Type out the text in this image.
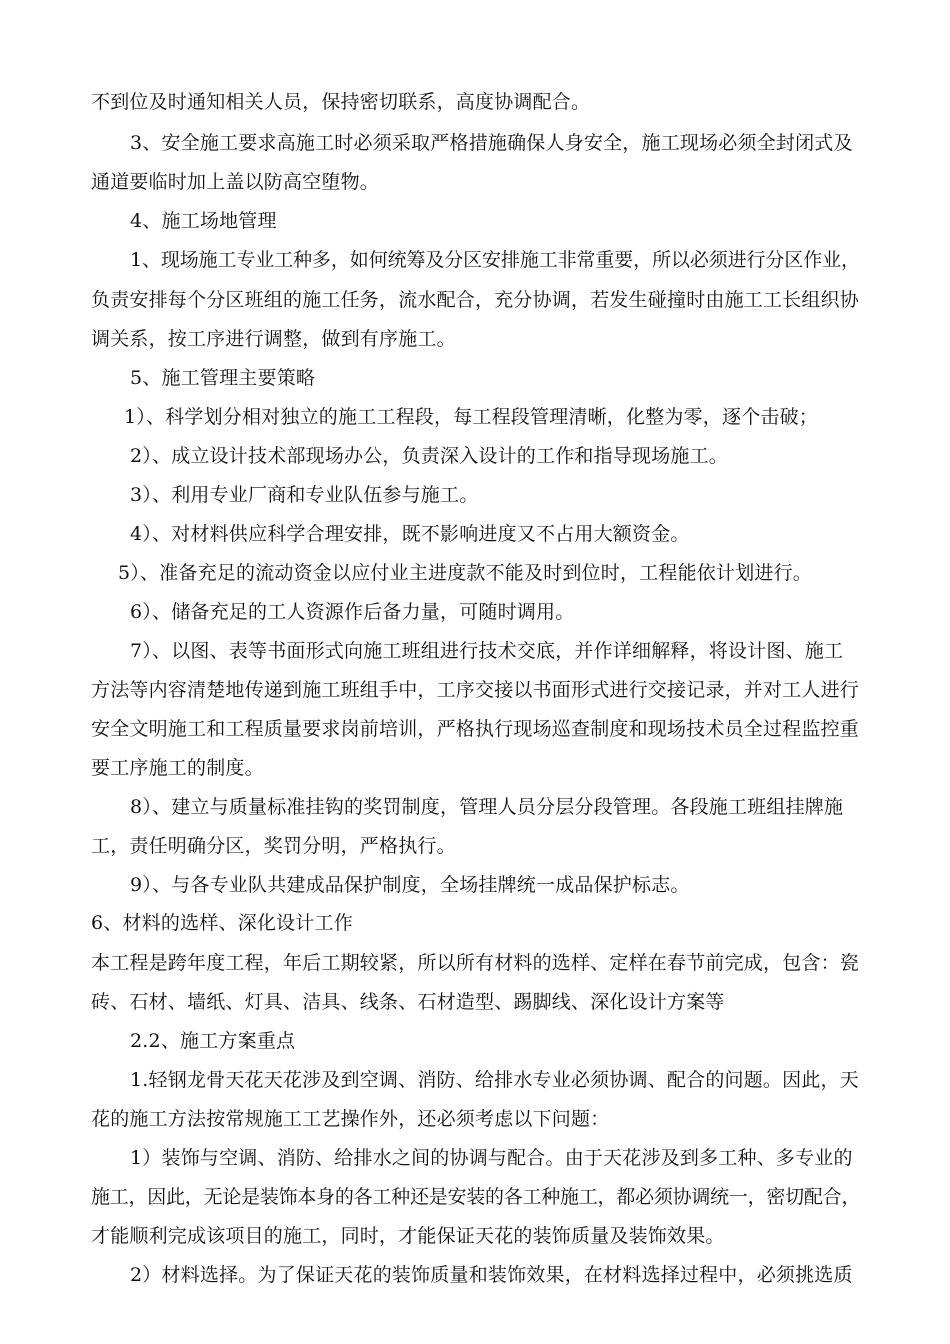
不到位及时通知相关人员，保持密切联系，高度协调配合。
3、安全施工要求高施工时必须采取严格措施确保人身安全，施工现场必须全封闭式及
通道要临时加上盖以防高空堕物。
4、施工场地管理
1、现场施工专业工种多，如何统筹及分区安排施工非常重要，所以必须进行分区作业，
负责安排每个分区班组的施工任务，流水配合，充分协调，若发生碰撞时由施工工长组织协
调关系，按工序进行调整，做到有序施工。
5、施工管理主要策略
1）、科学划分相对独立的施工工程段，每工程段管理清晰，化整为零，逐个击破；
2）、成立设计技术部现场办公，负责深入设计的工作和指导现场施工。
3）、利用专业厂商和专业队伍参与施工。
4）、对材料供应科学合理安排，既不影响进度又不占用大额资金。
5）、准备充足的流动资金以应付业主进度款不能及时到位时，工程能依计划进行。
6）、储备充足的工人资源作后备力量，可随时调用。
7）、以图、表等书面形式向施工班组进行技术交底，并作详细解释，将设计图、施工
方法等内容清楚地传递到施工班组手中，工序交接以书面形式进行交接记录，并对工人进行
安全文明施工和工程质量要求岗前培训，严格执行现场巡查制度和现场技术员全过程监控重
要工序施工的制度。
8）、建立与质量标准挂钩的奖罚制度，管理人员分层分段管理。各段施工班组挂牌施
工，责任明确分区，奖罚分明，严格执行。
9）、与各专业队共建成品保护制度，全场挂牌统一成品保护标志。
6、材料的选样、深化设计工作
本工程是跨年度工程，年后工期较紧，所以所有材料的选样、定样在春节前完成，包含：瓷
砖、石材、墙纸、灯具、洁具、线条、石材造型、踢脚线、深化设计方案等
2.2、施工方案重点
1.轻钢龙骨天花天花涉及到空调、消防、给排水专业必须协调、配合的问题。因此，天
花的施工方法按常规施工工艺操作外，还必须考虑以下问题：
1）装饰与空调、消防、给排水之间的协调与配合。由于天花涉及到多工种、多专业的
施工，因此，无论是装饰本身的各工种还是安装的各工种施工，都必须协调统一，密切配合，
才能顺利完成该项目的施工，同时，才能保证天花的装饰质量及装饰效果。
2）材料选择。为了保证天花的装饰质量和装饰效果，在材料选择过程中，必须挑选质
